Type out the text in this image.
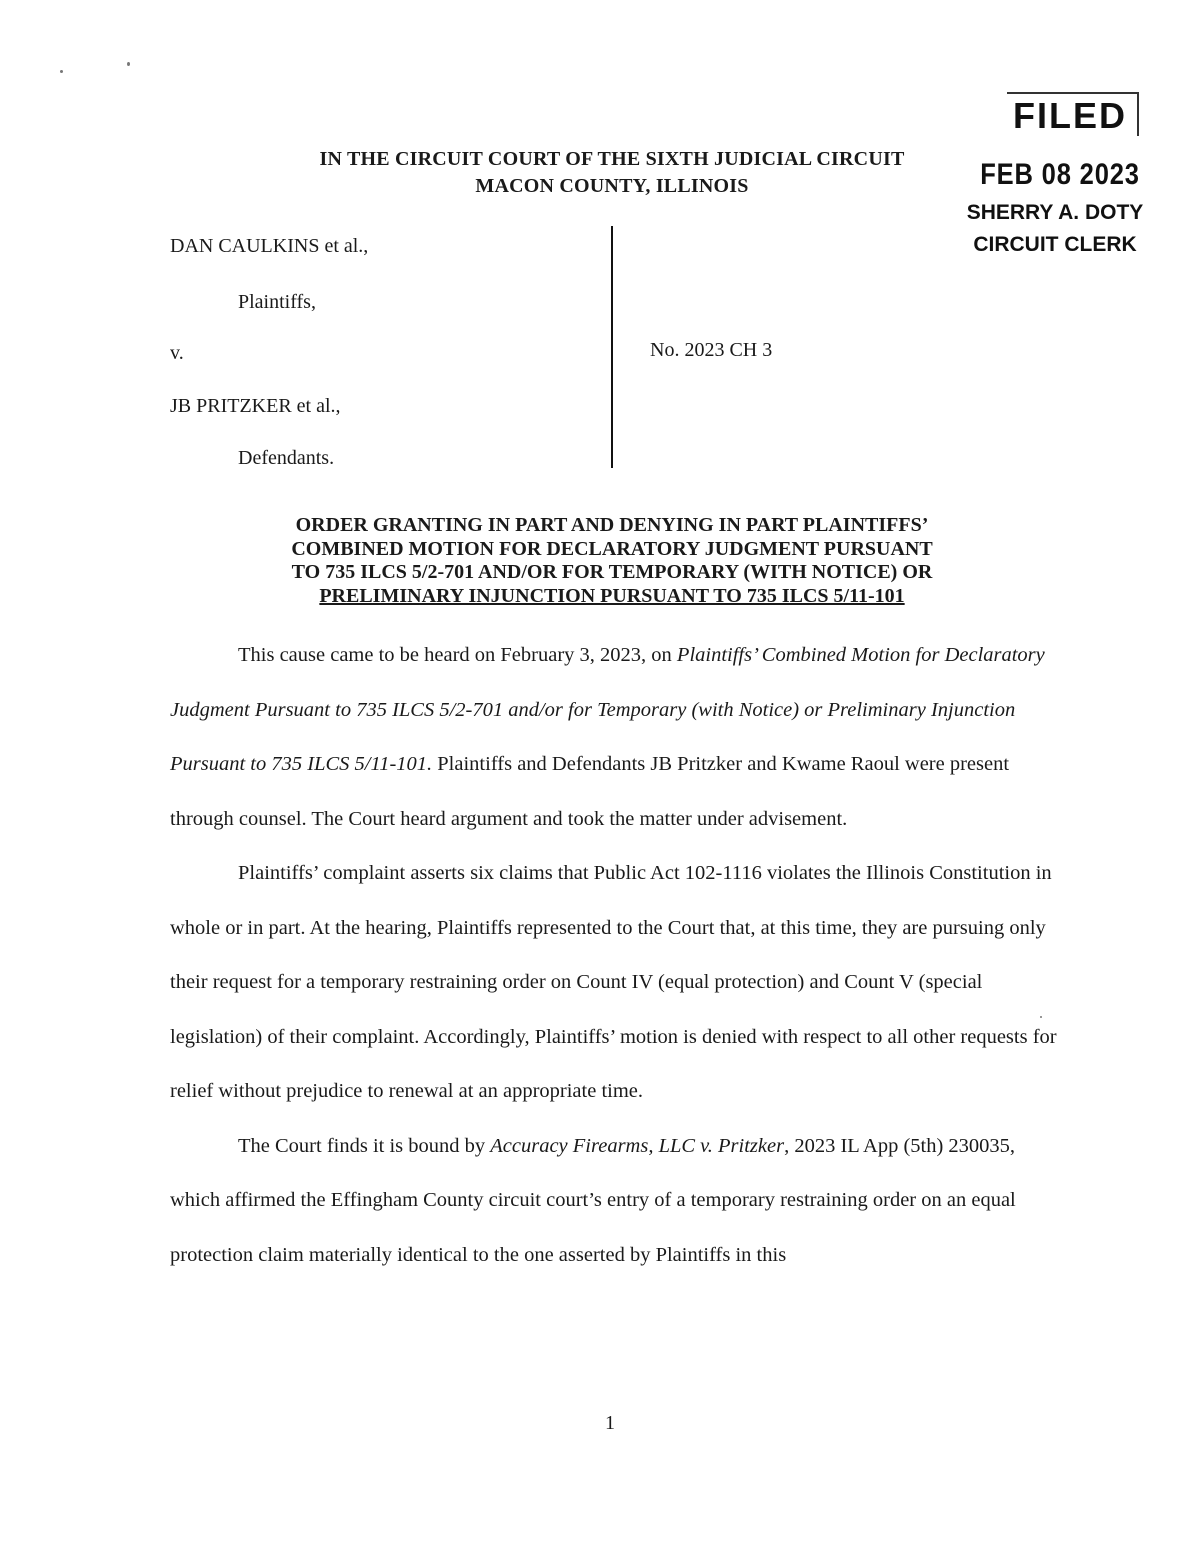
IN THE CIRCUIT COURT OF THE SIXTH JUDICIAL CIRCUIT
MACON COUNTY, ILLINOIS
FILED
FEB 08 2023
SHERRY A. DOTY
CIRCUIT CLERK
DAN CAULKINS et al.,
Plaintiffs,
v.
JB PRITZKER et al.,
Defendants.
No. 2023 CH 3
ORDER GRANTING IN PART AND DENYING IN PART PLAINTIFFS’
COMBINED MOTION FOR DECLARATORY JUDGMENT PURSUANT
TO 735 ILCS 5/2-701 AND/OR FOR TEMPORARY (WITH NOTICE) OR
PRELIMINARY INJUNCTION PURSUANT TO 735 ILCS 5/11-101

This cause came to be heard on February 3, 2023, on Plaintiffs’ Combined Motion for Declaratory Judgment Pursuant to 735 ILCS 5/2-701 and/or for Temporary (with Notice) or Preliminary Injunction Pursuant to 735 ILCS 5/11-101. Plaintiffs and Defendants JB Pritzker and Kwame Raoul were present through counsel. The Court heard argument and took the matter under advisement.

Plaintiffs’ complaint asserts six claims that Public Act 102-1116 violates the Illinois Constitution in whole or in part. At the hearing, Plaintiffs represented to the Court that, at this time, they are pursuing only their request for a temporary restraining order on Count IV (equal protection) and Count V (special legislation) of their complaint. Accordingly, Plaintiffs’ motion is denied with respect to all other requests for relief without prejudice to renewal at an appropriate time.

The Court finds it is bound by Accuracy Firearms, LLC v. Pritzker, 2023 IL App (5th) 230035, which affirmed the Effingham County circuit court’s entry of a temporary restraining order on an equal protection claim materially identical to the one asserted by Plaintiffs in this

1
